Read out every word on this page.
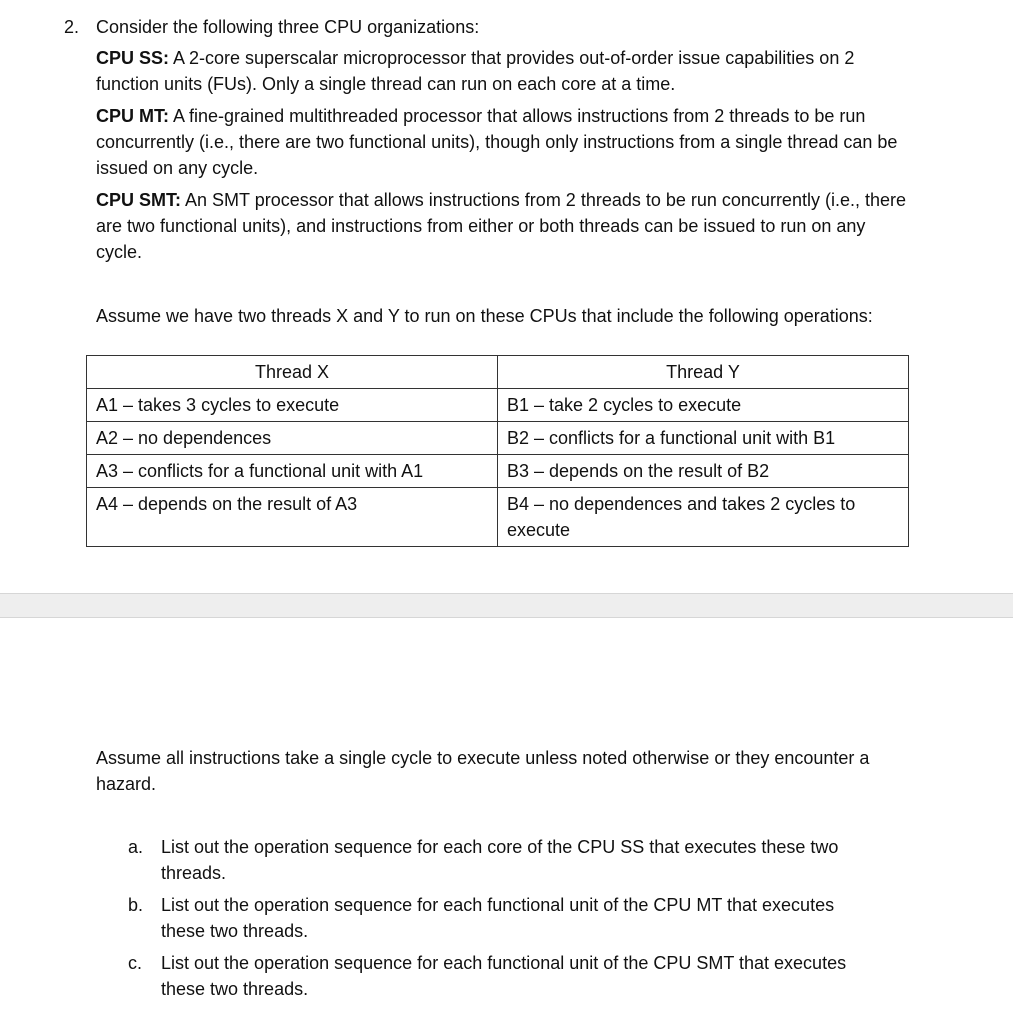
2. Consider the following three CPU organizations:
CPU SS: A 2-core superscalar microprocessor that provides out-of-order issue capabilities on 2 function units (FUs). Only a single thread can run on each core at a time.
CPU MT: A fine-grained multithreaded processor that allows instructions from 2 threads to be run concurrently (i.e., there are two functional units), though only instructions from a single thread can be issued on any cycle.
CPU SMT: An SMT processor that allows instructions from 2 threads to be run concurrently (i.e., there are two functional units), and instructions from either or both threads can be issued to run on any cycle.
Assume we have two threads X and Y to run on these CPUs that include the following operations:
Thread X	Thread Y
A1 – takes 3 cycles to execute	B1 – take 2 cycles to execute
A2 – no dependences	B2 – conflicts for a functional unit with B1
A3 – conflicts for a functional unit with A1	B3 – depends on the result of B2
A4 – depends on the result of A3	B4 – no dependences and takes 2 cycles to execute
Assume all instructions take a single cycle to execute unless noted otherwise or they encounter a hazard.
a. List out the operation sequence for each core of the CPU SS that executes these two threads.
b. List out the operation sequence for each functional unit of the CPU MT that executes these two threads.
c. List out the operation sequence for each functional unit of the CPU SMT that executes these two threads.
